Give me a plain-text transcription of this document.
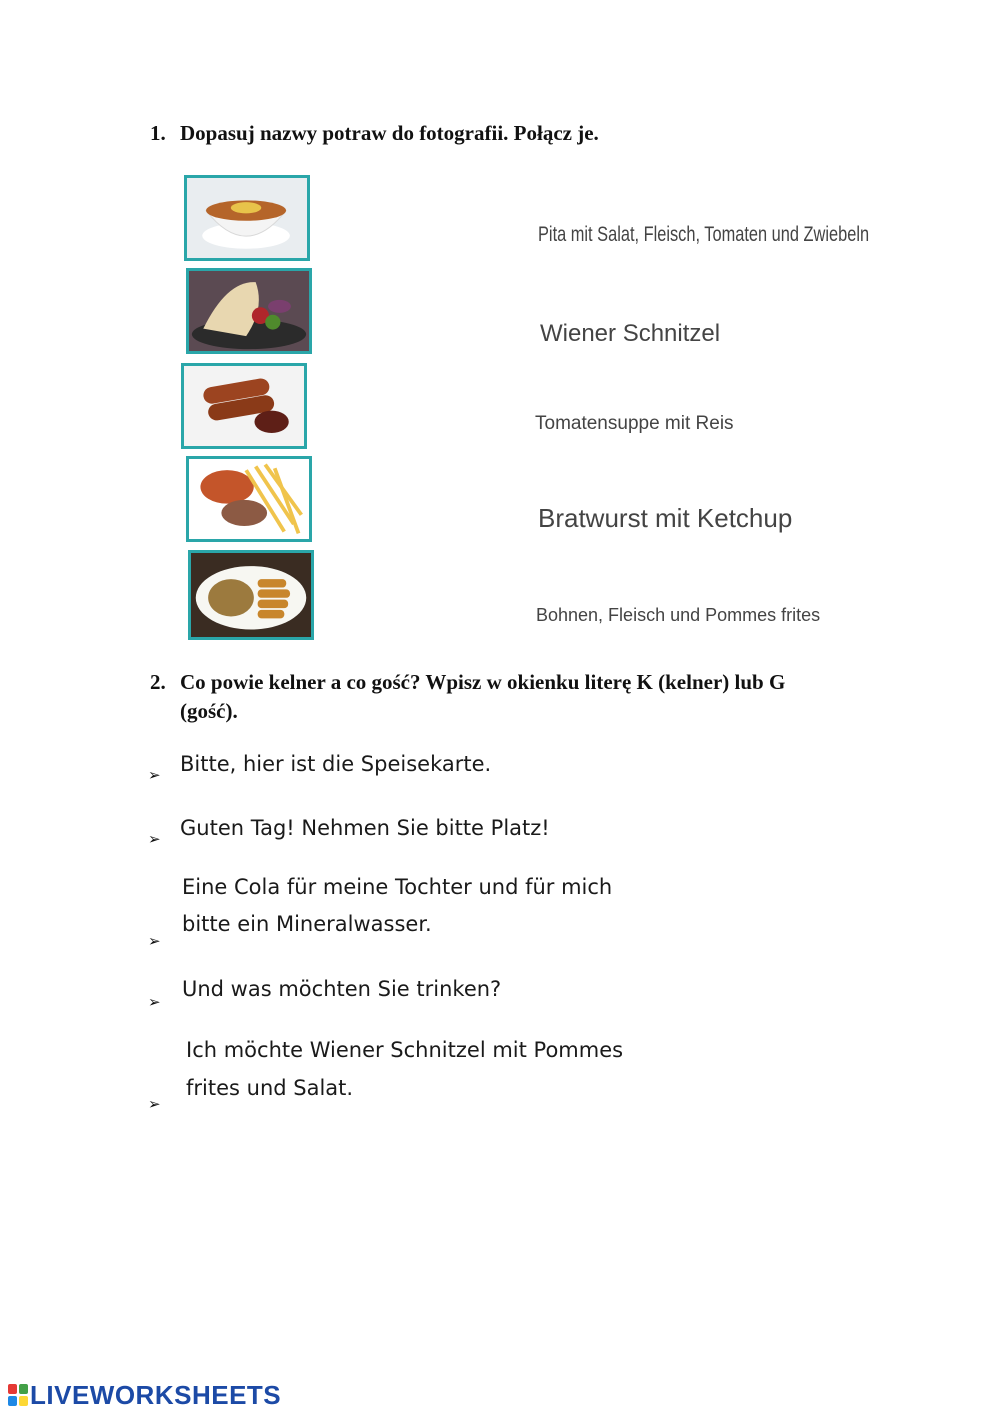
1. Dopasuj nazwy potraw do fotografii. Połącz je.
Pita mit Salat, Fleisch, Tomaten und Zwiebeln
Wiener Schnitzel
Tomatensuppe mit Reis
Bratwurst mit Ketchup
Bohnen, Fleisch und Pommes frites
2. Co powie kelner a co gość? Wpisz w okienku literę K (kelner) lub G
(gość).
➢ Bitte, hier ist die Speisekarte.
➢ Guten Tag! Nehmen Sie bitte Platz!
Eine Cola für meine Tochter und für mich
➢
bitte ein Mineralwasser.
➢
Und was möchten Sie trinken?
Ich möchte Wiener Schnitzel mit Pommes
➢
frites und Salat.
LIVEWORKSHEETS
